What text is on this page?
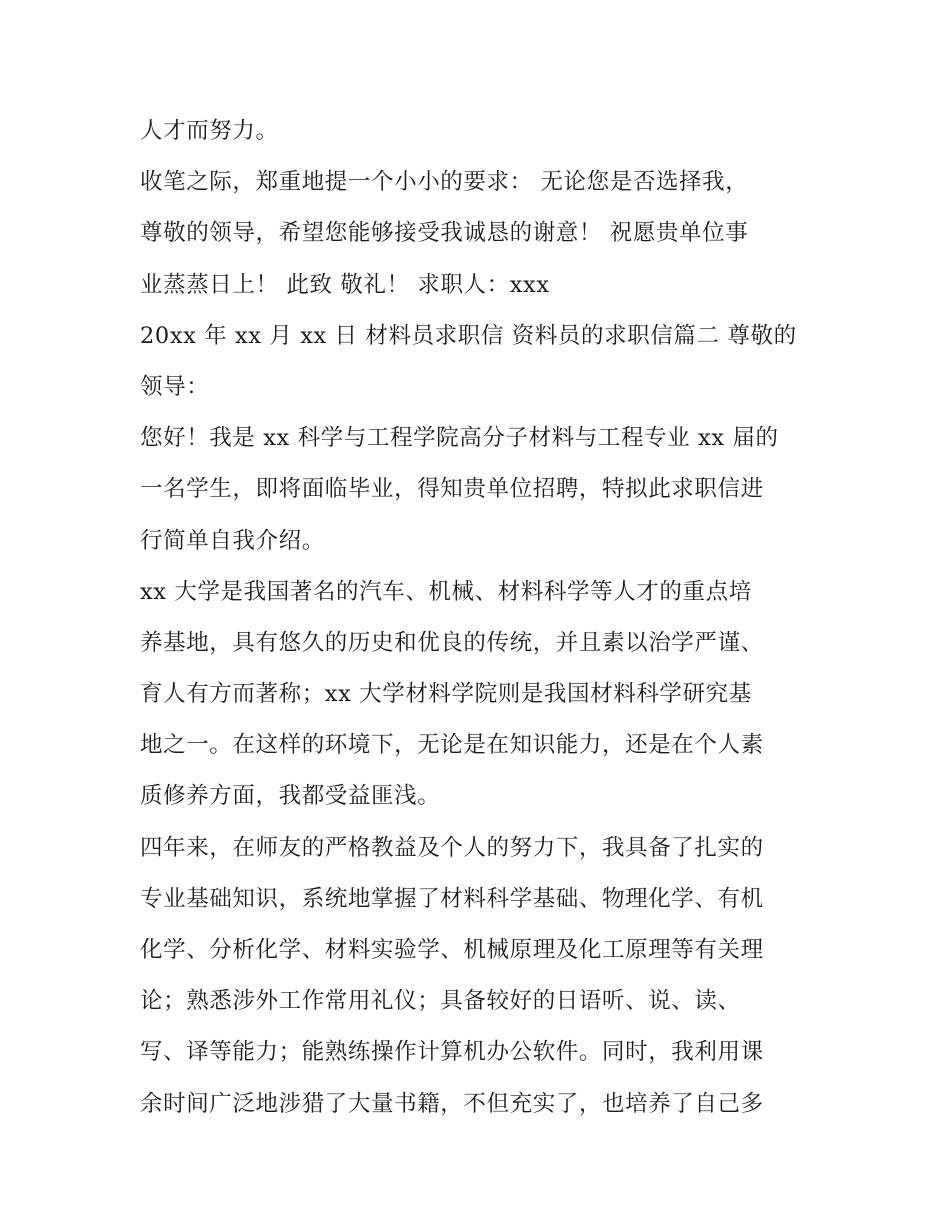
人才而努力。
收笔之际，郑重地提一个小小的要求： 无论您是否选择我，
尊敬的领导，希望您能够接受我诚恳的谢意！ 祝愿贵单位事
业蒸蒸日上！ 此致 敬礼！ 求职人：xxx
20xx 年 xx 月 xx 日 材料员求职信 资料员的求职信篇二 尊敬的
领导：
您好！我是 xx 科学与工程学院高分子材料与工程专业 xx 届的
一名学生，即将面临毕业，得知贵单位招聘，特拟此求职信进
行简单自我介绍。
xx 大学是我国著名的汽车、机械、材料科学等人才的重点培
养基地，具有悠久的历史和优良的传统，并且素以治学严谨、
育人有方而著称；xx 大学材料学院则是我国材料科学研究基
地之一。在这样的环境下，无论是在知识能力，还是在个人素
质修养方面，我都受益匪浅。
四年来，在师友的严格教益及个人的努力下，我具备了扎实的
专业基础知识，系统地掌握了材料科学基础、物理化学、有机
化学、分析化学、材料实验学、机械原理及化工原理等有关理
论；熟悉涉外工作常用礼仪；具备较好的日语听、说、读、
写、译等能力；能熟练操作计算机办公软件。同时，我利用课
余时间广泛地涉猎了大量书籍，不但充实了，也培养了自己多
